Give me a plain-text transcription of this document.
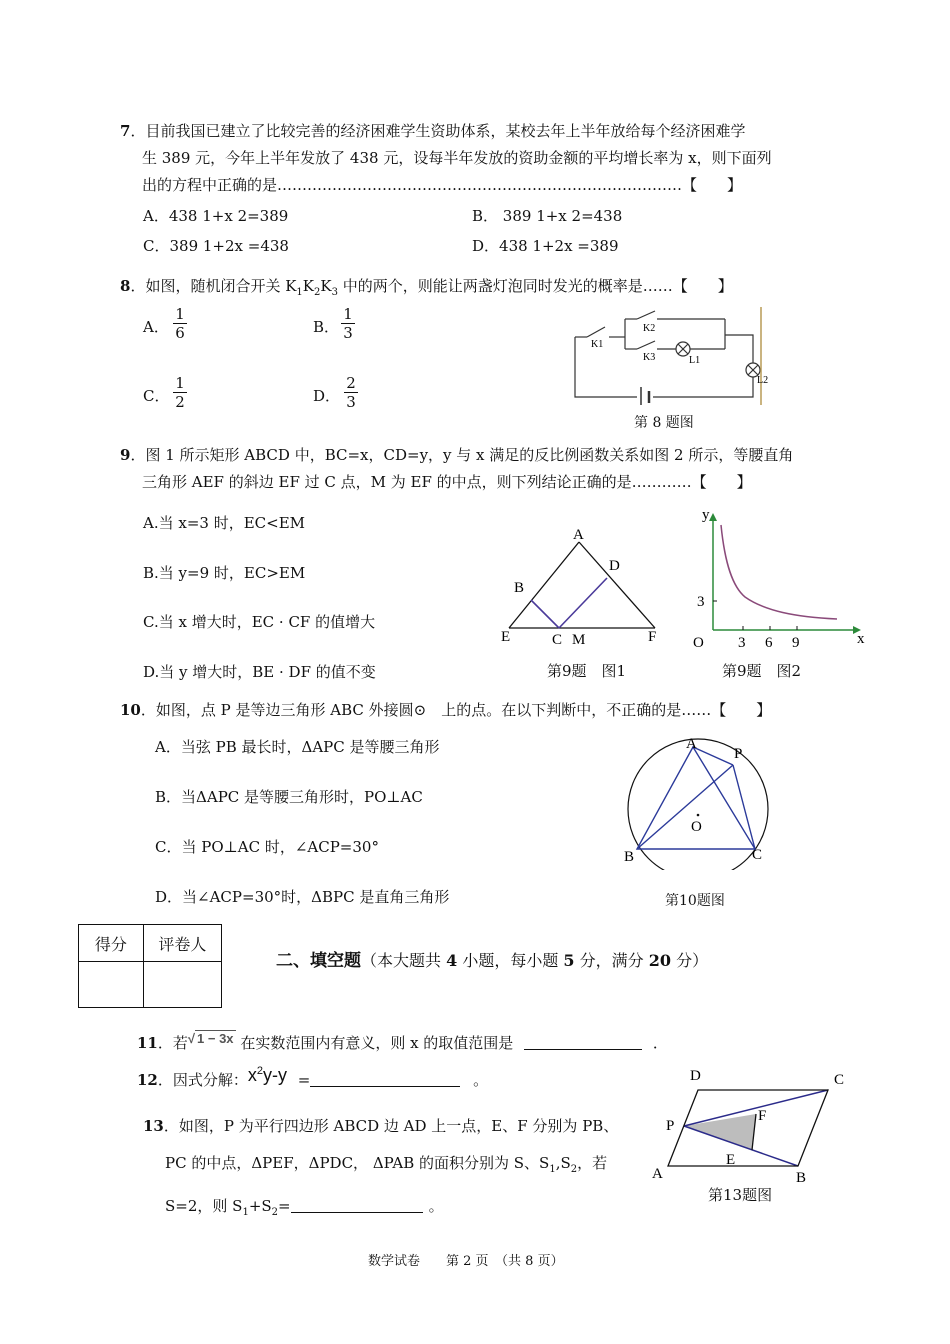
7．目前我国已建立了比较完善的经济困难学生资助体系，某校去年上半年放给每个经济困难学
生 389 元，今年上半年发放了 438 元，设每半年发放的资助金额的平均增长率为 x，则下面列
出的方程中正确的是………………………………………………………………………【　　】
A．438 1+x 2=389	B． 389 1+x 2=438
C．389 1+2x =438	D．438 1+2x =389
8．如图，随机闭合开关 $K_1K_2K_3$ 中的两个，则能让两盏灯泡同时发光的概率是……【　　】
A．
1
6	B．
1
3
C．
1
2	D．
2
3
K1
K2
K3	L1
L2
第 8 题图
9．图 1 所示矩形 ABCD 中，BC=x，CD=y，y 与 x 满足的反比例函数关系如图 2 所示，等腰直角
三角形 AEF 的斜边 EF 过 C 点，M 为 EF 的中点，则下列结论正确的是…………【　　】
A.当 x=3 时，EC<EM
B.当 y=9 时，EC>EM
C.当 x 增大时，EC · CF 的值增大
D.当 y 增大时，BE · DF 的值不变
A
B
D
E	C M	F
第9题　图1
y
x
O
3
3 6 9
第9题　图2
10．如图，点 P 是等边三角形 ABC 外接圆⊙　上的点。在以下判断中，不正确的是……【　　】
A．当弦 PB 最长时，ΔAPC 是等腰三角形
B．当ΔAPC 是等腰三角形时，PO⊥AC
C．当 PO⊥AC 时，∠ACP=30°
D．当∠ACP=30°时，ΔBPC 是直角三角形
A
P
O
B	C
第10题图
得分	评卷人

二、填空题（本大题共 4 小题，每小题 5 分，满分 20 分）
11．若√ 1 − 3x 在实数范围内有意义，则 x 的取值范围是	．
12．因式分解：$x^2y-y$ =	。
13．如图，P 为平行四边形 ABCD 边 AD 上一点，E、F 分别为 PB、
PC 的中点，ΔPEF，ΔPDC， ΔPAB 的面积分别为 S、$S_1,S_2$，若
S=2，则 $S_1+S_2=$	。
D	C
P
F
E
A	B
第13题图
数学试卷　　第 2 页　（共 8 页）
